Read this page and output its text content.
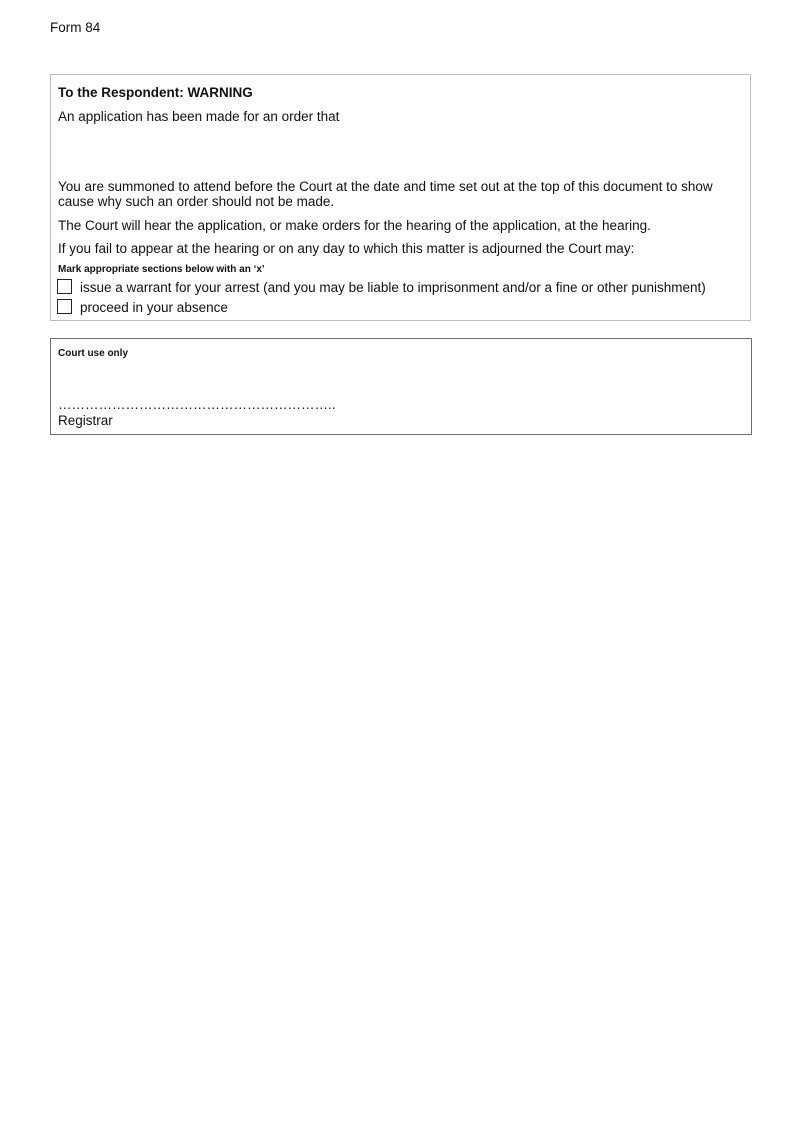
Form 84
To the Respondent: WARNING
An application has been made for an order that
You are summoned to attend before the Court at the date and time set out at the top of this document to show cause why such an order should not be made.
The Court will hear the application, or make orders for the hearing of the application, at the hearing.
If you fail to appear at the hearing or on any day to which this matter is adjourned the Court may:
Mark appropriate sections below with an ‘x’
issue a warrant for your arrest (and you may be liable to imprisonment and/or a fine or other punishment)
proceed in your absence
Court use only
……………………………………………………..
Registrar
